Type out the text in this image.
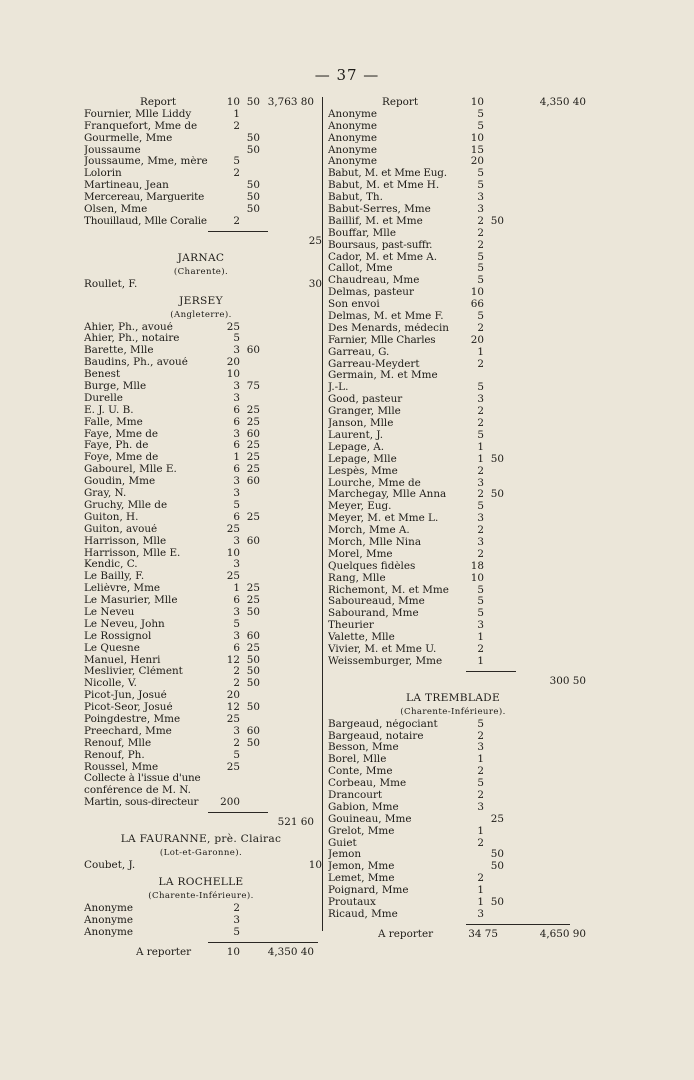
— 37 —
Report	10 50 3,763 80
Fournier, Mlle Liddy	1
Franquefort, Mme de	2
Gourmelle, Mme	50
Joussaume	50
Joussaume, Mme, mère	5
Lolorin	2
Martineau, Jean	50
Mercereau, Marguerite	50
Olsen, Mme	50
Thouillaud, Mlle Coralie	2
25
JARNAC
(Charente).
Roullet, F.	30
JERSEY
(Angleterre).
Ahier, Ph., avoué	25
Ahier, Ph., notaire	5
Barette, Mlle	3 60
Baudins, Ph., avoué	20
Benest	10
Burge, Mlle	3 75
Durelle	3
E. J. U. B.	6 25
Falle, Mme	6 25
Faye, Mme de	3 60
Faye, Ph. de	6 25
Foye, Mme de	1 25
Gabourel, Mlle E.	6 25
Goudin, Mme	3 60
Gray, N.	3
Gruchy, Mlle de	5
Guiton, H.	6 25
Guiton, avoué	25
Harrisson, Mlle	3 60
Harrisson, Mlle E.	10
Kendic, C.	3
Le Bailly, F.	25
Lelièvre, Mme	1 25
Le Masurier, Mlle	6 25
Le Neveu	3 50
Le Neveu, John	5
Le Rossignol	3 60
Le Quesne	6 25
Manuel, Henri	12 50
Meslivier, Clément	2 50
Nicolle, V.	2 50
Picot-Jun, Josué	20
Picot-Seor, Josué	12 50
Poingdestre, Mme	25
Preechard, Mme	3 60
Renouf, Mlle	2 50
Renouf, Ph.	5
Roussel, Mme	25
Collecte à l'issue d'une
conférence de M. N.
Martin, sous-directeur	200
521 60
LA FAURANNE, prè. Clairac
(Lot-et-Garonne).
Coubet, J.	10
LA ROCHELLE
(Charente-Inférieure).
Anonyme	2
Anonyme	3
Anonyme	5
A reporter	10	4,350 40
Report	10	4,350 40
Anonyme	5
Anonyme	5
Anonyme	10
Anonyme	15
Anonyme	20
Babut, M. et Mme Eug.	5
Babut, M. et Mme H.	5
Babut, Th.	3
Babut-Serres, Mme	3
Baillif, M. et Mme	2 50
Bouffar, Mlle	2
Boursaus, past-suffr.	2
Cador, M. et Mme A.	5
Callot, Mme	5
Chaudreau, Mme	5
Delmas, pasteur	10
Son envoi	66
Delmas, M. et Mme F.	5
Des Menards, médecin	2
Farnier, Mlle Charles	20
Garreau, G.	1
Garreau-Meydert	2
Germain, M. et Mme
J.-L.	5
Good, pasteur	3
Granger, Mlle	2
Janson, Mlle	2
Laurent, J.	5
Lepage, A.	1
Lepage, Mlle	1 50
Lespès, Mme	2
Lourche, Mme de	3
Marchegay, Mlle Anna	2 50
Meyer, Eug.	5
Meyer, M. et Mme L.	3
Morch, Mme A.	2
Morch, Mlle Nina	3
Morel, Mme	2
Quelques fidèles	18
Rang, Mlle	10
Richemont, M. et Mme	5
Saboureaud, Mme	5
Sabourand, Mme	5
Theurier	3
Valette, Mlle	1
Vivier, M. et Mme U.	2
Weissemburger, Mme	1
300 50
LA TREMBLADE
(Charente-Inférieure).
Bargeaud, négociant	5
Bargeaud, notaire	2
Besson, Mme	3
Borel, Mlle	1
Conte, Mme	2
Corbeau, Mme	5
Drancourt	2
Gabion, Mme	3
Gouineau, Mme	25
Grelot, Mme	1
Guiet	2
Jemon	50
Jemon, Mme	50
Lemet, Mme	2
Poignard, Mme	1
Proutaux	1 50
Ricaud, Mme	3
A reporter	34 75	4,650 90
